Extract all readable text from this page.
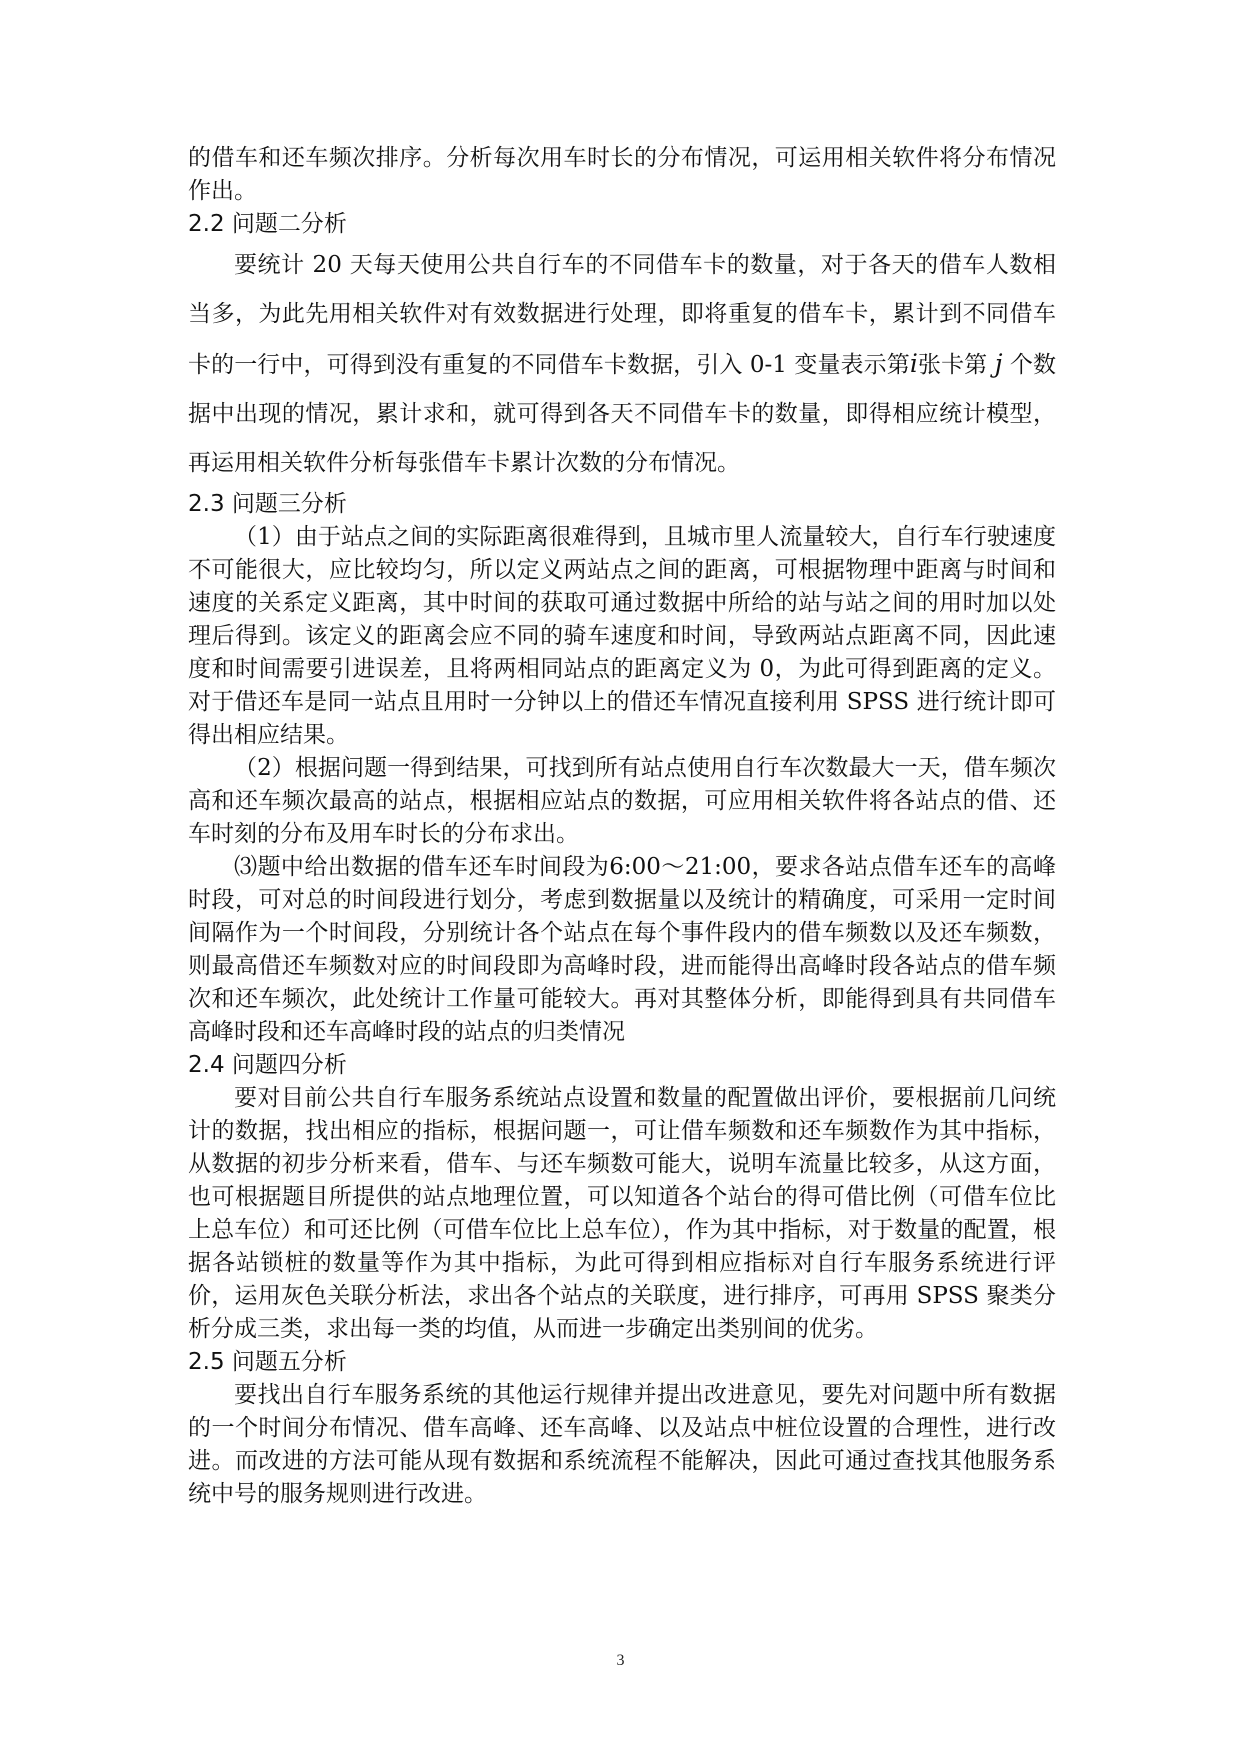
的借车和还车频次排序。分析每次用车时长的分布情况，可运用相关软件将分布情况作出。

2.2 问题二分析

要统计 20 天每天使用公共自行车的不同借车卡的数量，对于各天的借车人数相当多，为此先用相关软件对有效数据进行处理，即将重复的借车卡，累计到不同借车卡的一行中，可得到没有重复的不同借车卡数据，引入 0-1 变量表示第i张卡第 j 个数据中出现的情况，累计求和，就可得到各天不同借车卡的数量，即得相应统计模型，再运用相关软件分析每张借车卡累计次数的分布情况。

2.3 问题三分析

（1）由于站点之间的实际距离很难得到，且城市里人流量较大，自行车行驶速度不可能很大，应比较均匀，所以定义两站点之间的距离，可根据物理中距离与时间和速度的关系定义距离，其中时间的获取可通过数据中所给的站与站之间的用时加以处理后得到。该定义的距离会应不同的骑车速度和时间，导致两站点距离不同，因此速度和时间需要引进误差，且将两相同站点的距离定义为 0，为此可得到距离的定义。对于借还车是同一站点且用时一分钟以上的借还车情况直接利用 SPSS 进行统计即可得出相应结果。

（2）根据问题一得到结果，可找到所有站点使用自行车次数最大一天，借车频次高和还车频次最高的站点，根据相应站点的数据，可应用相关软件将各站点的借、还车时刻的分布及用车时长的分布求出。

⑶题中给出数据的借车还车时间段为6:00～21:00，要求各站点借车还车的高峰时段，可对总的时间段进行划分，考虑到数据量以及统计的精确度，可采用一定时间间隔作为一个时间段，分别统计各个站点在每个事件段内的借车频数以及还车频数，则最高借还车频数对应的时间段即为高峰时段，进而能得出高峰时段各站点的借车频次和还车频次，此处统计工作量可能较大。再对其整体分析，即能得到具有共同借车高峰时段和还车高峰时段的站点的归类情况

2.4 问题四分析

要对目前公共自行车服务系统站点设置和数量的配置做出评价，要根据前几问统计的数据，找出相应的指标，根据问题一，可让借车频数和还车频数作为其中指标，从数据的初步分析来看，借车、与还车频数可能大，说明车流量比较多，从这方面，也可根据题目所提供的站点地理位置，可以知道各个站台的得可借比例（可借车位比上总车位）和可还比例（可借车位比上总车位），作为其中指标，对于数量的配置，根据各站锁桩的数量等作为其中指标，为此可得到相应指标对自行车服务系统进行评价，运用灰色关联分析法，求出各个站点的关联度，进行排序，可再用 SPSS 聚类分析分成三类，求出每一类的均值，从而进一步确定出类别间的优劣。

2.5 问题五分析

要找出自行车服务系统的其他运行规律并提出改进意见，要先对问题中所有数据的一个时间分布情况、借车高峰、还车高峰、以及站点中桩位设置的合理性，进行改进。而改进的方法可能从现有数据和系统流程不能解决，因此可通过查找其他服务系统中号的服务规则进行改进。

3
